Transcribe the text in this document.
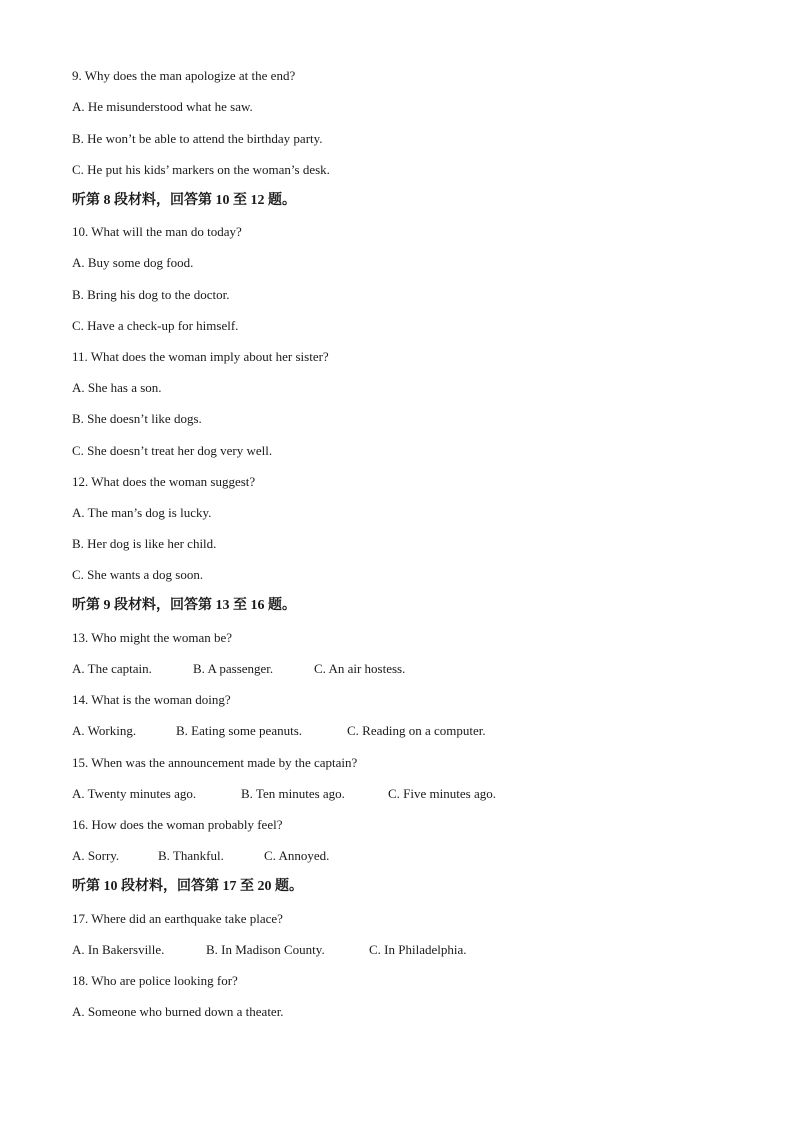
9. Why does the man apologize at the end?
A. He misunderstood what he saw.
B. He won’t be able to attend the birthday party.
C. He put his kids’ markers on the woman’s desk.
听第 8 段材料，回答第 10 至 12 题。
10. What will the man do today?
A. Buy some dog food.
B. Bring his dog to the doctor.
C. Have a check-up for himself.
11. What does the woman imply about her sister?
A. She has a son.
B. She doesn’t like dogs.
C. She doesn’t treat her dog very well.
12. What does the woman suggest?
A. The man’s dog is lucky.
B. Her dog is like her child.
C. She wants a dog soon.
听第 9 段材料，回答第 13 至 16 题。
13. Who might the woman be?
A. The captain.	B. A passenger.	C. An air hostess.
14. What is the woman doing?
A. Working.	B. Eating some peanuts.	C. Reading on a computer.
15. When was the announcement made by the captain?
A. Twenty minutes ago.	B. Ten minutes ago.	C. Five minutes ago.
16. How does the woman probably feel?
A. Sorry.	B. Thankful.	C. Annoyed.
听第 10 段材料，回答第 17 至 20 题。
17. Where did an earthquake take place?
A. In Bakersville.	B. In Madison County.	C. In Philadelphia.
18. Who are police looking for?
A. Someone who burned down a theater.
